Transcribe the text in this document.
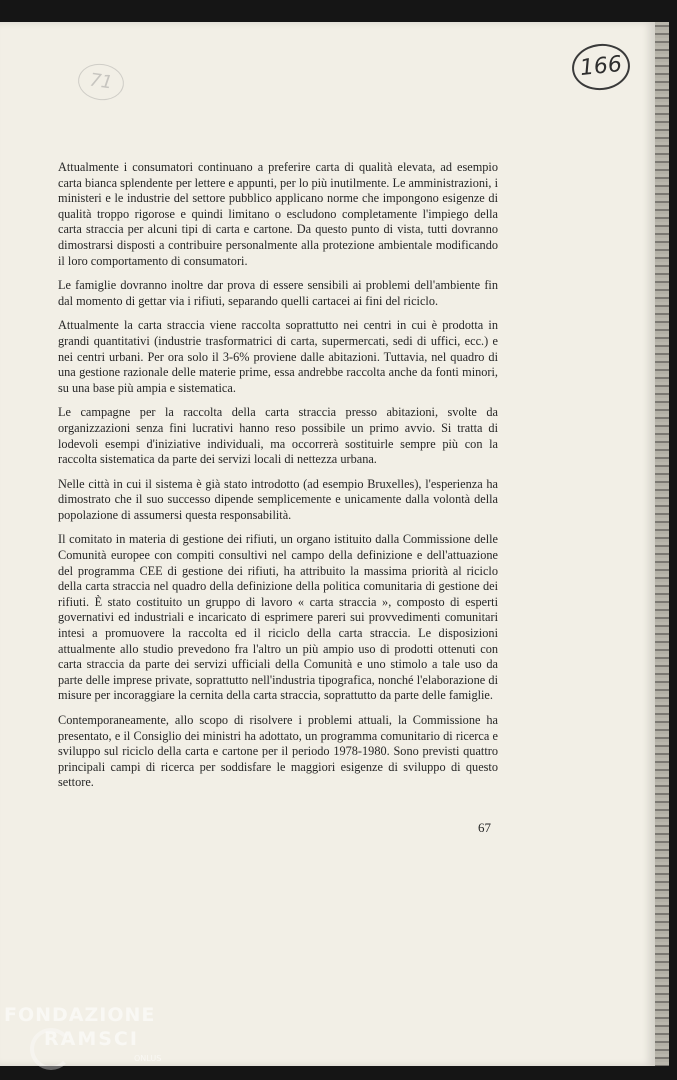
166
71

Attualmente i consumatori continuano a preferire carta di qualità elevata, ad esempio carta bianca splendente per lettere e appunti, per lo più inutilmente. Le amministrazioni, i ministeri e le industrie del settore pubblico applicano norme che impongono esigenze di qualità troppo rigorose e quindi limitano o escludono completamente l'impiego della carta straccia per alcuni tipi di carta e cartone. Da questo punto di vista, tutti dovranno dimostrarsi disposti a contribuire personalmente alla protezione ambientale modificando il loro comportamento di consumatori.

Le famiglie dovranno inoltre dar prova di essere sensibili ai problemi dell'ambiente fin dal momento di gettar via i rifiuti, separando quelli cartacei ai fini del riciclo.

Attualmente la carta straccia viene raccolta soprattutto nei centri in cui è prodotta in grandi quantitativi (industrie trasformatrici di carta, supermercati, sedi di uffici, ecc.) e nei centri urbani. Per ora solo il 3-6% proviene dalle abitazioni. Tuttavia, nel quadro di una gestione razionale delle materie prime, essa andrebbe raccolta anche da fonti minori, su una base più ampia e sistematica.

Le campagne per la raccolta della carta straccia presso abitazioni, svolte da organizzazioni senza fini lucrativi hanno reso possibile un primo avvio. Si tratta di lodevoli esempi d'iniziative individuali, ma occorrerà sostituirle sempre più con la raccolta sistematica da parte dei servizi locali di nettezza urbana.

Nelle città in cui il sistema è già stato introdotto (ad esempio Bruxelles), l'esperienza ha dimostrato che il suo successo dipende semplicemente e unicamente dalla volontà della popolazione di assumersi questa responsabilità.

Il comitato in materia di gestione dei rifiuti, un organo istituito dalla Commissione delle Comunità europee con compiti consultivi nel campo della definizione e dell'attuazione del programma CEE di gestione dei rifiuti, ha attribuito la massima priorità al riciclo della carta straccia nel quadro della definizione della politica comunitaria di gestione dei rifiuti. È stato costituito un gruppo di lavoro « carta straccia », composto di esperti governativi ed industriali e incaricato di esprimere pareri sui provvedimenti comunitari intesi a promuovere la raccolta ed il riciclo della carta straccia. Le disposizioni attualmente allo studio prevedono fra l'altro un più ampio uso di prodotti ottenuti con carta straccia da parte dei servizi ufficiali della Comunità e uno stimolo a tale uso da parte delle imprese private, soprattutto nell'industria tipografica, nonché l'elaborazione di misure per incoraggiare la cernita della carta straccia, soprattutto da parte delle famiglie.

Contemporaneamente, allo scopo di risolvere i problemi attuali, la Commissione ha presentato, e il Consiglio dei ministri ha adottato, un programma comunitario di ricerca e sviluppo sul riciclo della carta e cartone per il periodo 1978-1980. Sono previsti quattro principali campi di ricerca per soddisfare le maggiori esigenze di sviluppo di questo settore.

67
FONDAZIONE
RAMSCI
ONLUS
